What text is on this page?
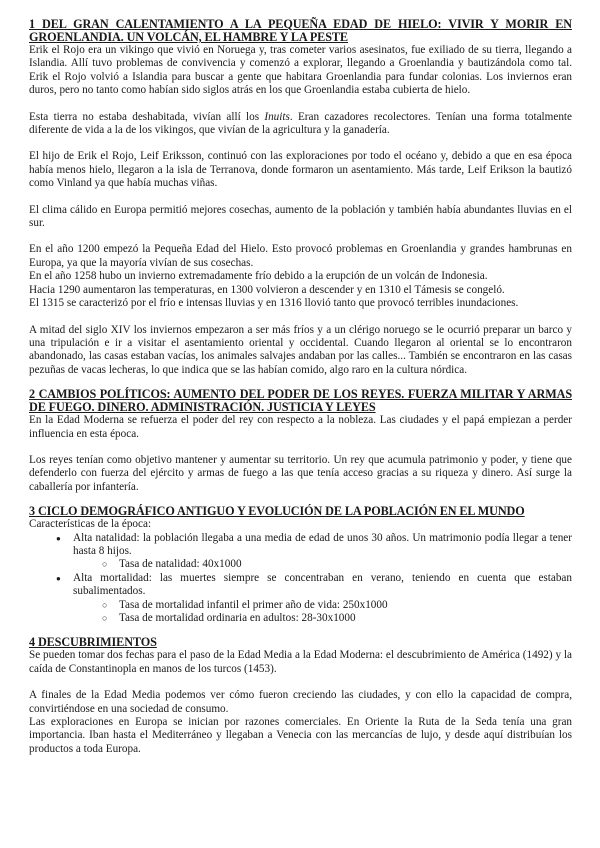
1 DEL GRAN CALENTAMIENTO A LA PEQUEÑA EDAD DE HIELO: VIVIR Y MORIR EN GROENLANDIA. UN VOLCÁN, EL HAMBRE Y LA PESTE

Erik el Rojo era un vikingo que vivió en Noruega y, tras cometer varios asesinatos, fue exiliado de su tierra, llegando a Islandia. Allí tuvo problemas de convivencia y comenzó a explorar, llegando a Groenlandia y bautizándola como tal. Erik el Rojo volvió a Islandia para buscar a gente que habitara Groenlandia para fundar colonias. Los inviernos eran duros, pero no tanto como habían sido siglos atrás en los que Groenlandia estaba cubierta de hielo.

Esta tierra no estaba deshabitada, vivían allí los Inuits. Eran cazadores recolectores. Tenían una forma totalmente diferente de vida a la de los vikingos, que vivían de la agricultura y la ganadería.

El hijo de Erik el Rojo, Leif Eriksson, continuó con las exploraciones por todo el océano y, debido a que en esa época había menos hielo, llegaron a la isla de Terranova, donde formaron un asentamiento. Más tarde, Leif Erikson la bautizó como Vinland ya que había muchas viñas.

El clima cálido en Europa permitió mejores cosechas, aumento de la población y también había abundantes lluvias en el sur.

En el año 1200 empezó la Pequeña Edad del Hielo. Esto provocó problemas en Groenlandia y grandes hambrunas en Europa, ya que la mayoría vivían de sus cosechas.

En el año 1258 hubo un invierno extremadamente frío debido a la erupción de un volcán de Indonesia.

Hacia 1290 aumentaron las temperaturas, en 1300 volvieron a descender y en 1310 el Támesis se congeló.

El 1315 se caracterizó por el frío e intensas lluvias y en 1316 llovió tanto que provocó terribles inundaciones.

A mitad del siglo XIV los inviernos empezaron a ser más fríos y a un clérigo noruego se le ocurrió preparar un barco y una tripulación e ir a visitar el asentamiento oriental y occidental. Cuando llegaron al oriental se lo encontraron abandonado, las casas estaban vacías, los animales salvajes andaban por las calles... También se encontraron en las casas pezuñas de vacas lecheras, lo que indica que se las habían comido, algo raro en la cultura nórdica.

2 CAMBIOS POLÍTICOS: AUMENTO DEL PODER DE LOS REYES. FUERZA MILITAR Y ARMAS DE FUEGO. DINERO. ADMINISTRACIÓN. JUSTICIA Y LEYES

En la Edad Moderna se refuerza el poder del rey con respecto a la nobleza. Las ciudades y el papá empiezan a perder influencia en esta época.

Los reyes tenían como objetivo mantener y aumentar su territorio. Un rey que acumula patrimonio y poder, y tiene que defenderlo con fuerza del ejército y armas de fuego a las que tenía acceso gracias a su riqueza y dinero. Así surge la caballería por infantería.

3 CICLO DEMOGRÁFICO ANTIGUO Y EVOLUCIÓN DE LA POBLACIÓN EN EL MUNDO

Características de la época:

● Alta natalidad: la población llegaba a una media de edad de unos 30 años. Un matrimonio podía llegar a tener hasta 8 hijos.
○ Tasa de natalidad: 40x1000
● Alta mortalidad: las muertes siempre se concentraban en verano, teniendo en cuenta que estaban subalimentados.
○ Tasa de mortalidad infantil el primer año de vida: 250x1000
○ Tasa de mortalidad ordinaria en adultos: 28-30x1000
4 DESCUBRIMIENTOS

Se pueden tomar dos fechas para el paso de la Edad Media a la Edad Moderna: el descubrimiento de América (1492) y la caída de Constantinopla en manos de los turcos (1453).

A finales de la Edad Media podemos ver cómo fueron creciendo las ciudades, y con ello la capacidad de compra, convirtiéndose en una sociedad de consumo.

Las exploraciones en Europa se inician por razones comerciales. En Oriente la Ruta de la Seda tenía una gran importancia. Iban hasta el Mediterráneo y llegaban a Venecia con las mercancías de lujo, y desde aquí distribuían los productos a toda Europa.
